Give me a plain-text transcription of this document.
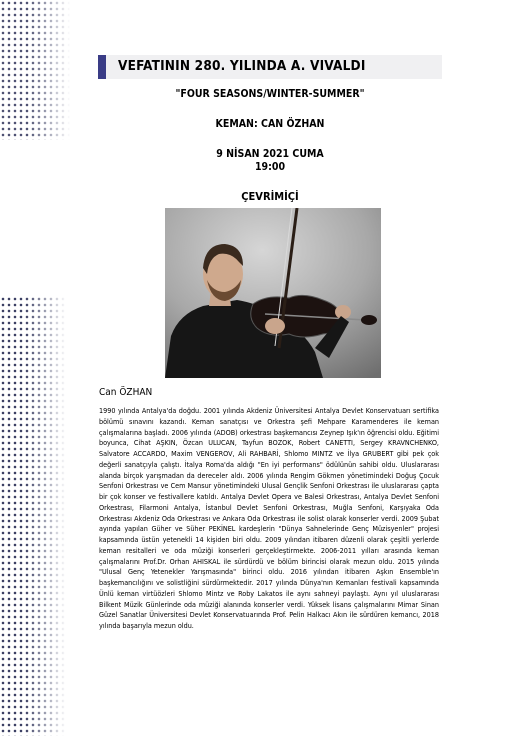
VEFATININ 280. YILINDA A. VIVALDI
"FOUR SEASONS/WINTER-SUMMER"
KEMAN: CAN ÖZHAN
9 NİSAN 2021 CUMA
19:00
ÇEVRİMİÇİ
Can ÖZHAN

1990 yılında Antalya'da doğdu. 2001 yılında Akdeniz Üniversitesi Antalya Devlet Konservatuarı sertifika bölümü sınavını kazandı. Keman sanatçısı ve Orkestra şefi Mehpare Karamenderes ile keman çalışmalarına başladı. 2006 yılında (ADOB) orkestrası başkemancısı Zeynep Işık'ın öğrencisi oldu. Eğitimi boyunca, Cihat AŞKIN, Özcan ULUCAN, Tayfun BOZOK, Robert CANETTI, Sergey KRAVNCHENKO, Salvatore ACCARDO, Maxim VENGEROV, Ali RAHBARİ, Shlomo MINTZ ve İlya GRUBERT gibi pek çok değerli sanatçıyla çalıştı. İtalya Roma'da aldığı "En iyi performans" ödülünün sahibi oldu. Uluslararası alanda birçok yarışmadan da dereceler aldı. 2006 yılında Rengim Gökmen yönetimindeki Doğuş Çocuk Senfoni Orkestrası ve Cem Mansur yönetimindeki Ulusal Gençlik Senfoni Orkestrası ile uluslararası çapta bir çok konser ve festivallere katıldı. Antalya Devlet Opera ve Balesi Orkestrası, Antalya Devlet Senfoni Orkestrası, Filarmoni Antalya, İstanbul Devlet Senfoni Orkestrası, Muğla Senfoni, Karşıyaka Oda Orkestrası Akdeniz Oda Orkestrası ve Ankara Oda Orkestrası ile solist olarak konserler verdi. 2009 Şubat ayında yapılan Güher ve Süher PEKİNEL kardeşlerin "Dünya Sahnelerinde Genç Müzisyenler" projesi kapsamında üstün yetenekli 14 kişiden biri oldu. 2009 yılından itibaren düzenli olarak çeşitli yerlerde keman resitalleri ve oda müziği konserleri gerçekleştirmekte. 2006-2011 yılları arasında keman çalışmalarını Prof.Dr. Orhan AHISKAL ile sürdürdü ve bölüm birincisi olarak mezun oldu. 2015 yılında "Ulusal Genç Yetenekler Yarışmasında" birinci oldu. 2016 yılından itibaren Aşkın Ensemble'ın başkemancılığını ve solistliğini sürdürmektedir. 2017 yılında Dünya'nın Kemanları festivali kapsamında Ünlü keman virtüözleri Shlomo Mintz ve Roby Lakatos ile aynı sahneyi paylaştı. Aynı yıl uluslararası Bilkent Müzik Günlerinde oda müziği alanında konserler verdi. Yüksek lisans çalışmalarını Mimar Sinan Güzel Sanatlar Üniversitesi Devlet Konservatuarında Prof. Pelin Halkacı Akın ile sürdüren kemancı, 2018 yılında başarıyla mezun oldu.
